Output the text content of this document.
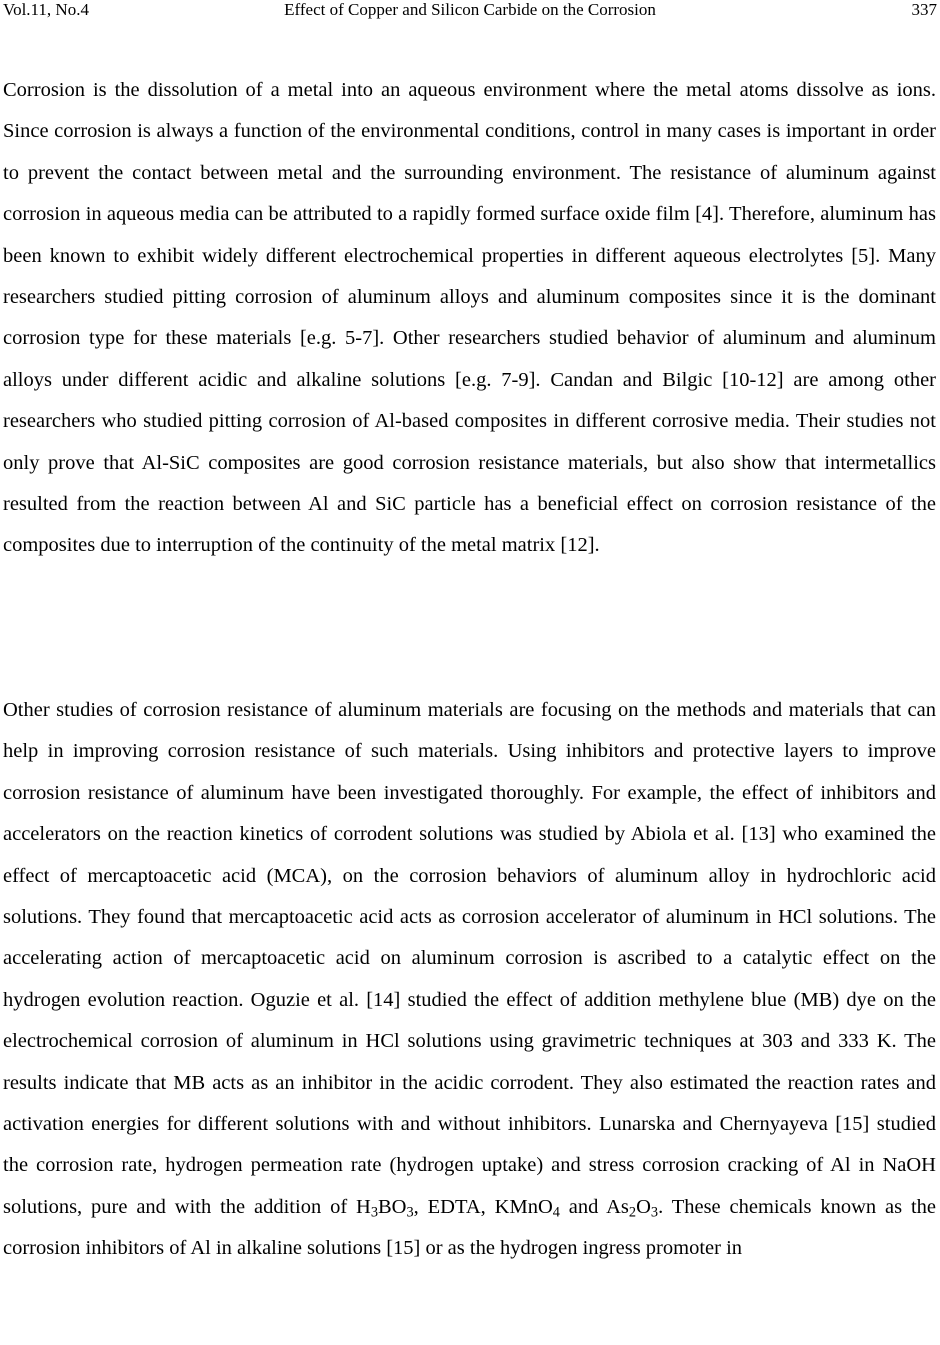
Vol.11, No.4	Effect of Copper and Silicon Carbide on the Corrosion	337

Corrosion is the dissolution of a metal into an aqueous environment where the metal atoms dissolve as ions. Since corrosion is always a function of the environmental conditions, control in many cases is important in order to prevent the contact between metal and the surrounding environment. The resistance of aluminum against corrosion in aqueous media can be attributed to a rapidly formed surface oxide film [4]. Therefore, aluminum has been known to exhibit widely different electrochemical properties in different aqueous electrolytes [5]. Many researchers studied pitting corrosion of aluminum alloys and aluminum composites since it is the dominant corrosion type for these materials [e.g. 5-7]. Other researchers studied behavior of aluminum and aluminum alloys under different acidic and alkaline solutions [e.g. 7-9]. Candan and Bilgic [10-12] are among other researchers who studied pitting corrosion of Al-based composites in different corrosive media. Their studies not only prove that Al-SiC composites are good corrosion resistance materials, but also show that intermetallics resulted from the reaction between Al and SiC particle has a beneficial effect on corrosion resistance of the composites due to interruption of the continuity of the metal matrix [12].

Other studies of corrosion resistance of aluminum materials are focusing on the methods and materials that can help in improving corrosion resistance of such materials. Using inhibitors and protective layers to improve corrosion resistance of aluminum have been investigated thoroughly. For example, the effect of inhibitors and accelerators on the reaction kinetics of corrodent solutions was studied by Abiola et al. [13] who examined the effect of mercaptoacetic acid (MCA), on the corrosion behaviors of aluminum alloy in hydrochloric acid solutions. They found that mercaptoacetic acid acts as corrosion accelerator of aluminum in HCl solutions. The accelerating action of mercaptoacetic acid on aluminum corrosion is ascribed to a catalytic effect on the hydrogen evolution reaction. Oguzie et al. [14] studied the effect of addition methylene blue (MB) dye on the electrochemical corrosion of aluminum in HCl solutions using gravimetric techniques at 303 and 333 K. The results indicate that MB acts as an inhibitor in the acidic corrodent. They also estimated the reaction rates and activation energies for different solutions with and without inhibitors. Lunarska and Chernyayeva [15] studied the corrosion rate, hydrogen permeation rate (hydrogen uptake) and stress corrosion cracking of Al in NaOH solutions, pure and with the addition of $H_3BO_3$, EDTA, KMnO$_4$ and $As_2O_3$. These chemicals known as the corrosion inhibitors of Al in alkaline solutions [15] or as the hydrogen ingress promoter in
